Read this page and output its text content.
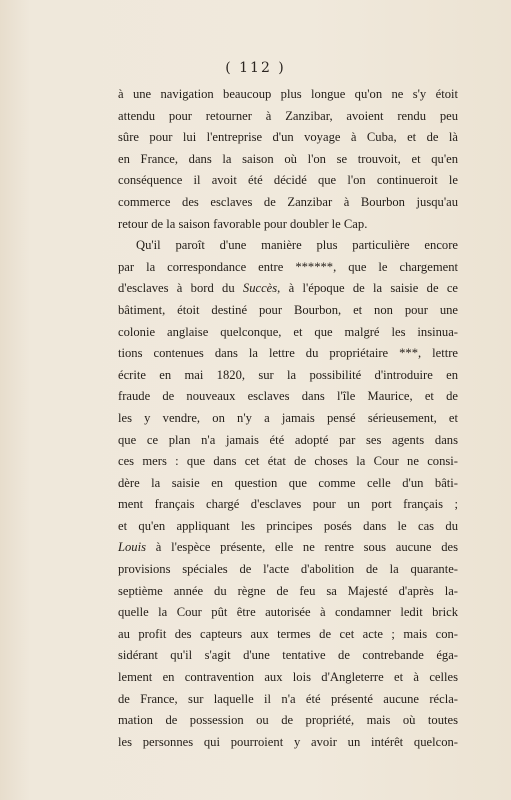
( 112 )
à une navigation beaucoup plus longue qu'on ne s'y étoit
attendu pour retourner à Zanzibar, avoient rendu peu
sûre pour lui l'entreprise d'un voyage à Cuba, et de là
en France, dans la saison où l'on se trouvoit, et qu'en
conséquence il avoit été décidé que l'on continueroit le
commerce des esclaves de Zanzibar à Bourbon jusqu'au
retour de la saison favorable pour doubler le Cap.
Qu'il paroît d'une manière plus particulière encore
par la correspondance entre ******, que le chargement
d'esclaves à bord du Succès, à l'époque de la saisie de ce
bâtiment, étoit destiné pour Bourbon, et non pour une
colonie anglaise quelconque, et que malgré les insinua-
tions contenues dans la lettre du propriétaire ***, lettre
écrite en mai 1820, sur la possibilité d'introduire en
fraude de nouveaux esclaves dans l'île Maurice, et de
les y vendre, on n'y a jamais pensé sérieusement, et
que ce plan n'a jamais été adopté par ses agents dans
ces mers : que dans cet état de choses la Cour ne consi-
dère la saisie en question que comme celle d'un bâti-
ment français chargé d'esclaves pour un port français ;
et qu'en appliquant les principes posés dans le cas du
Louis à l'espèce présente, elle ne rentre sous aucune des
provisions spéciales de l'acte d'abolition de la quarante-
septième année du règne de feu sa Majesté d'après la-
quelle la Cour pût être autorisée à condamner ledit brick
au profit des capteurs aux termes de cet acte ; mais con-
sidérant qu'il s'agit d'une tentative de contrebande éga-
lement en contravention aux lois d'Angleterre et à celles
de France, sur laquelle il n'a été présenté aucune récla-
mation de possession ou de propriété, mais où toutes
les personnes qui pourroient y avoir un intérêt quelcon-
